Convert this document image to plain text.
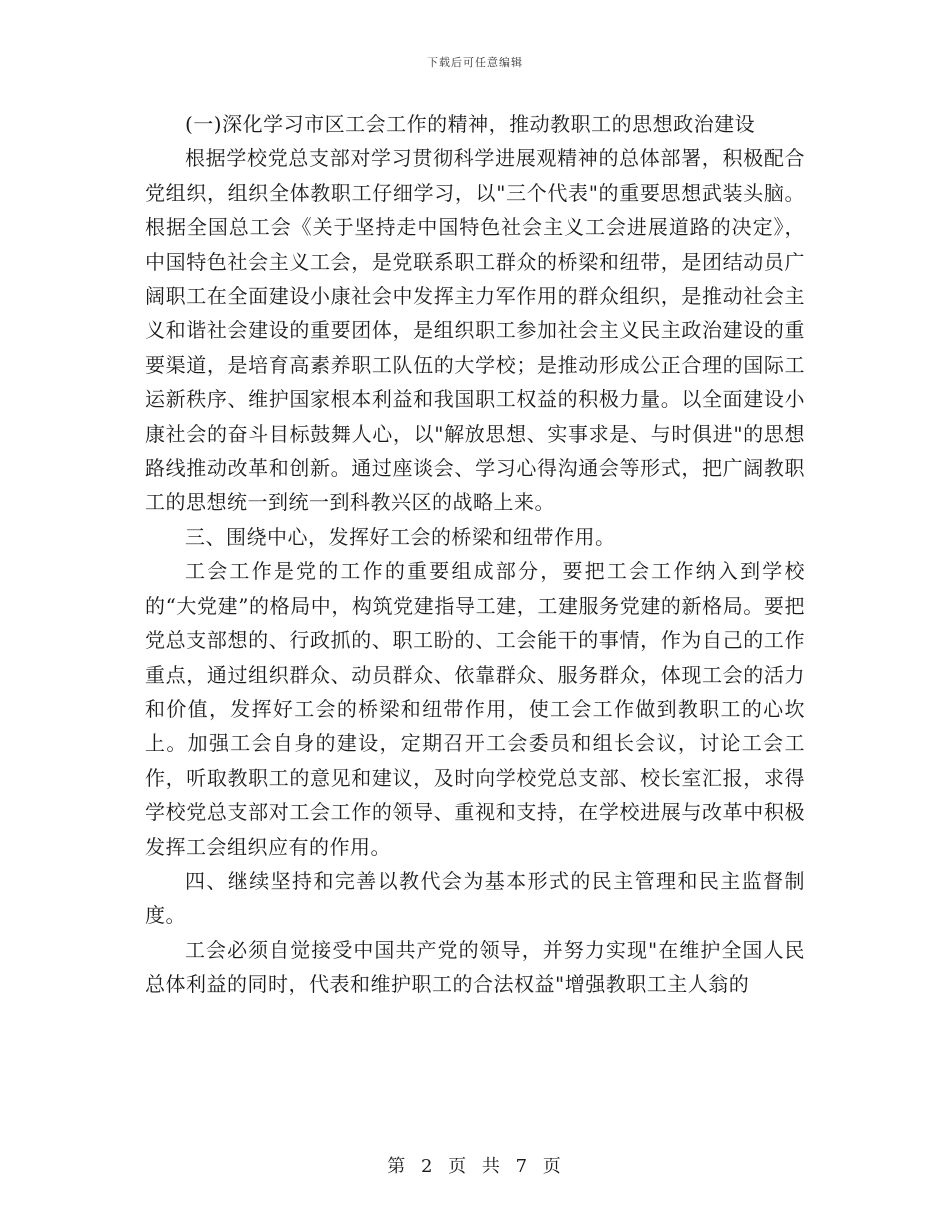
下载后可任意编辑

(一)深化学习市区工会工作的精神，推动教职工的思想政治建设

根据学校党总支部对学习贯彻科学进展观精神的总体部署，积极配合党组织，组织全体教职工仔细学习，以"三个代表"的重要思想武装头脑。根据全国总工会《关于坚持走中国特色社会主义工会进展道路的决定》，中国特色社会主义工会，是党联系职工群众的桥梁和纽带，是团结动员广阔职工在全面建设小康社会中发挥主力军作用的群众组织，是推动社会主义和谐社会建设的重要团体，是组织职工参加社会主义民主政治建设的重要渠道，是培育高素养职工队伍的大学校；是推动形成公正合理的国际工运新秩序、维护国家根本利益和我国职工权益的积极力量。以全面建设小康社会的奋斗目标鼓舞人心，以"解放思想、实事求是、与时俱进"的思想路线推动改革和创新。通过座谈会、学习心得沟通会等形式，把广阔教职工的思想统一到统一到科教兴区的战略上来。

三、围绕中心，发挥好工会的桥梁和纽带作用。

工会工作是党的工作的重要组成部分，要把工会工作纳入到学校的“大党建”的格局中，构筑党建指导工建，工建服务党建的新格局。要把党总支部想的、行政抓的、职工盼的、工会能干的事情，作为自己的工作重点，通过组织群众、动员群众、依靠群众、服务群众，体现工会的活力和价值，发挥好工会的桥梁和纽带作用，使工会工作做到教职工的心坎上。加强工会自身的建设，定期召开工会委员和组长会议，讨论工会工作，听取教职工的意见和建议，及时向学校党总支部、校长室汇报，求得学校党总支部对工会工作的领导、重视和支持，在学校进展与改革中积极发挥工会组织应有的作用。

四、继续坚持和完善以教代会为基本形式的民主管理和民主监督制度。

工会必须自觉接受中国共产党的领导，并努力实现"在维护全国人民总体利益的同时，代表和维护职工的合法权益"增强教职工主人翁的

第 2 页 共 7 页
